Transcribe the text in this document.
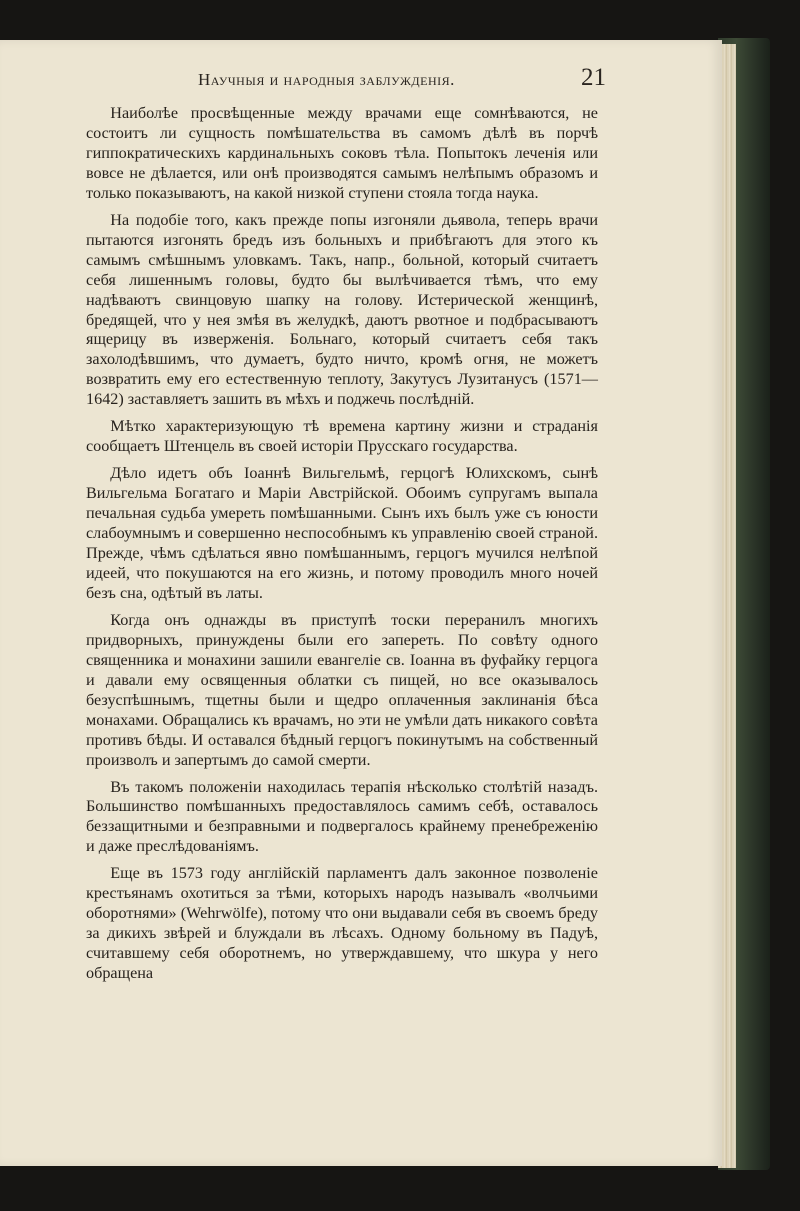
Научныя и народныя заблужденія.	21

Наиболѣе просвѣщенные между врачами еще сомнѣваются, не состоитъ ли сущность помѣшательства въ самомъ дѣлѣ въ порчѣ гиппократическихъ кардинальныхъ соковъ тѣла. Попытокъ леченія или вовсе не дѣлается, или онѣ производятся самымъ нелѣпымъ образомъ и только показываютъ, на какой низкой ступени стояла тогда наука.

На подобіе того, какъ прежде попы изгоняли дьявола, теперь врачи пытаются изгонять бредъ изъ больныхъ и прибѣгаютъ для этого къ самымъ смѣшнымъ уловкамъ. Такъ, напр., больной, который считаетъ себя лишеннымъ головы, будто бы вылѣчивается тѣмъ, что ему надѣваютъ свинцовую шапку на голову. Истерической женщинѣ, бредящей, что у нея змѣя въ желудкѣ, даютъ рвотное и подбрасываютъ ящерицу въ изверженія. Больнаго, который считаетъ себя такъ захолодѣвшимъ, что думаетъ, будто ничто, кромѣ огня, не можетъ возвратить ему его естественную теплоту, Закутусъ Лузитанусъ (1571—1642) заставляетъ зашить въ мѣхъ и поджечь послѣдній.

Мѣтко характеризующую тѣ времена картину жизни и страданія сообщаетъ Штенцель въ своей исторіи Прусскаго государства.

Дѣло идетъ объ Іоаннѣ Вильгельмѣ, герцогѣ Юлихскомъ, сынѣ Вильгельма Богатаго и Маріи Австрійской. Обоимъ супругамъ выпала печальная судьба умереть помѣшанными. Сынъ ихъ былъ уже съ юности слабоумнымъ и совершенно неспособнымъ къ управленію своей страной. Прежде, чѣмъ сдѣлаться явно помѣшаннымъ, герцогъ мучился нелѣпой идеей, что покушаются на его жизнь, и потому проводилъ много ночей безъ сна, одѣтый въ латы.

Когда онъ однажды въ приступѣ тоски переранилъ многихъ придворныхъ, принуждены были его запереть. По совѣту одного священника и монахини зашили евангеліе св. Іоанна въ фуфайку герцога и давали ему освященныя облатки съ пищей, но все оказывалось безуспѣшнымъ, тщетны были и щедро оплаченныя заклинанія бѣса монахами. Обращались къ врачамъ, но эти не умѣли дать никакого совѣта противъ бѣды. И оставался бѣдный герцогъ покинутымъ на собственный произволъ и запертымъ до самой смерти.

Въ такомъ положеніи находилась терапія нѣсколько столѣтій назадъ. Большинство помѣшанныхъ предоставлялось самимъ себѣ, оставалось беззащитными и безправными и подвергалось крайнему пренебреженію и даже преслѣдованіямъ.

Еще въ 1573 году англійскій парламентъ далъ законное позволеніе крестьянамъ охотиться за тѣми, которыхъ народъ называлъ «волчьими оборотнями» (Wehrwölfe), потому что они выдавали себя въ своемъ бреду за дикихъ звѣрей и блуждали въ лѣсахъ. Одному больному въ Падуѣ, считавшему себя оборотнемъ, но утверждавшему, что шкура у него обращена
